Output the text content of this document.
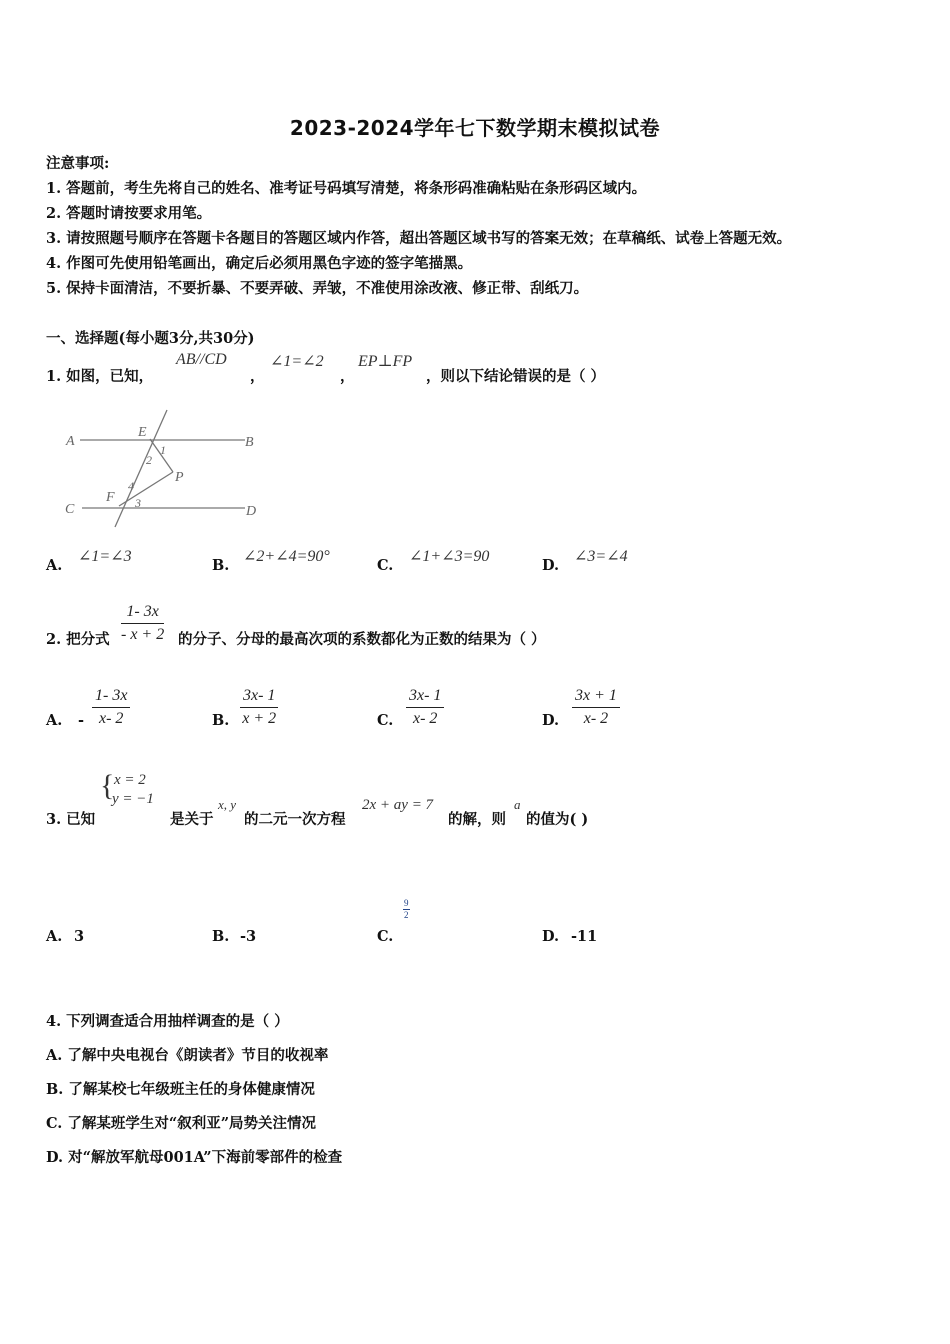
2023-2024学年七下数学期末模拟试卷
注意事项:
1. 答题前，考生先将自己的姓名、准考证号码填写清楚，将条形码准确粘贴在条形码区域内。
2. 答题时请按要求用笔。
3. 请按照题号顺序在答题卡各题目的答题区域内作答，超出答题区域书写的答案无效；在草稿纸、试卷上答题无效。
4. 作图可先使用铅笔画出，确定后必须用黑色字迹的签字笔描黑。
5. 保持卡面清洁，不要折暴、不要弄破、弄皱，不准使用涂改液、修正带、刮纸刀。
一、选择题(每小题3分,共30分)
1. 如图，已知，
AB//CD
，
∠1=∠2
，
EP⊥FP
，则以下结论错误的是（ ）
A	B
C	D
E
F
P
1
2
3
4
A.
∠1=∠3
B.
∠2+∠4=90°
C.
∠1+∠3=90
D.
∠3=∠4
2. 把分式 $\frac{1- 3x}{- x + 2}$ 的分子、分母的最高次项的系数都化为正数的结果为（ ）
A. - $\frac{1- 3x}{x- 2}$	B. $\frac{3x- 1}{x + 2}$	C. $\frac{3x- 1}{x- 2}$	D. $\frac{3x + 1}{x- 2}$
3. 已知
{ x = 2
y = −1
是关于
x, y
的二元一次方程
2x + ay = 7
的解，则
a
的值为( )
A. 3	B. -3	C.
$\frac{9}{2}$
D. -11
4. 下列调查适合用抽样调查的是（ ）
A. 了解中央电视台《朗读者》节目的收视率
B. 了解某校七年级班主任的身体健康情况
C. 了解某班学生对“叙利亚”局势关注情况
D. 对“解放军航母001A”下海前零部件的检查
